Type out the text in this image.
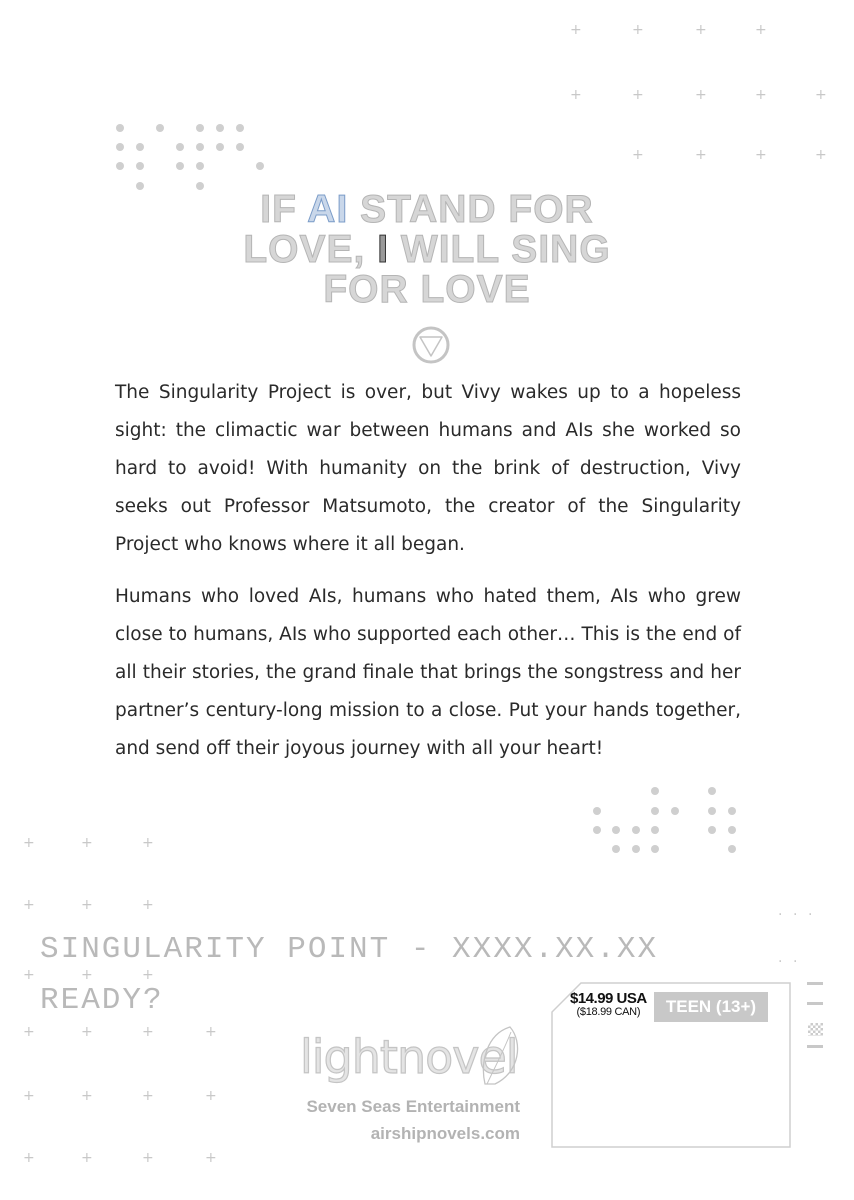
+	+	+	+
+	+	+	+	+
+	+	+	+
+	+	+
+	+	+
+	+	+
+	+	+	+
+	+	+	+
+	+	+	+
· · ·
· ·
IF AI STAND FOR
LOVE, I WILL SING
FOR LOVE

The Singularity Project is over, but Vivy wakes up to a hopeless sight: the climactic war between humans and AIs she worked so hard to avoid! With humanity on the brink of destruction, Vivy seeks out Professor Matsumoto, the creator of the Singularity Project who knows where it all began.

Humans who loved AIs, humans who hated them, AIs who grew close to humans, AIs who supported each other… This is the end of all their stories, the grand finale that brings the songstress and her partner’s century-long mission to a close. Put your hands together, and send off their joyous journey with all your heart!

SINGULARITY POINT - XXXX.XX.XX
READY?
lightnovel
Seven Seas Entertainment
airshipnovels.com
$14.99 USA
($18.99 CAN)	TEEN (13+)
